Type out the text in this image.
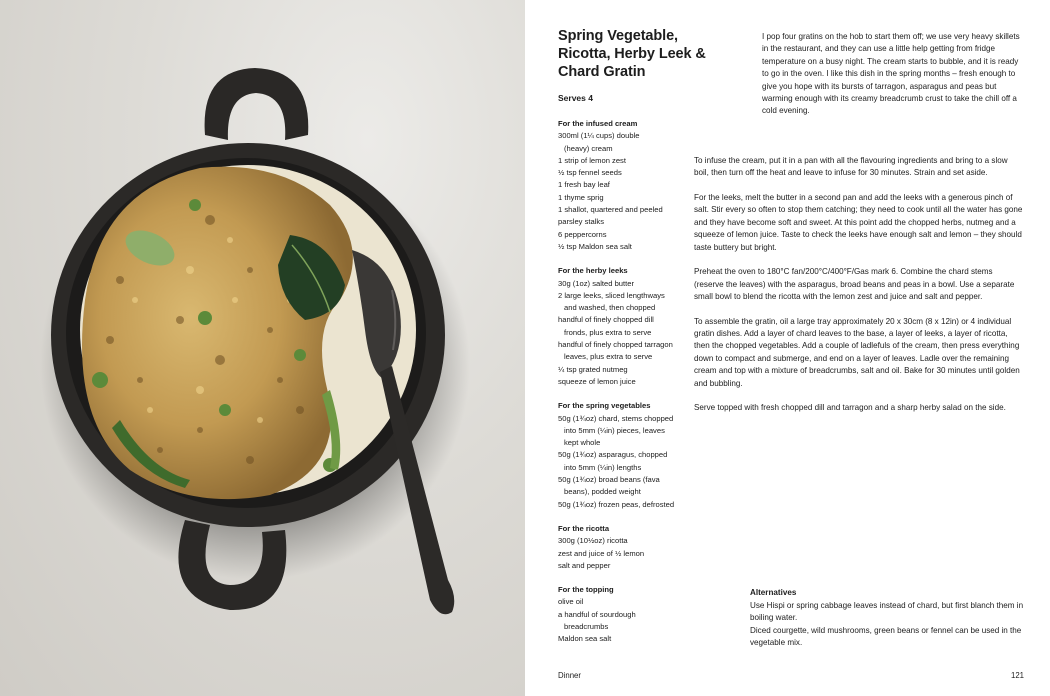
Spring Vegetable, Ricotta, Herby Leek & Chard Gratin
Serves 4
For the infused cream
300ml (1¼ cups) double
(heavy) cream
1 strip of lemon zest
½ tsp fennel seeds
1 fresh bay leaf
1 thyme sprig
1 shallot, quartered and peeled
parsley stalks
6 peppercorns
½ tsp Maldon sea salt
For the herby leeks
30g (1oz) salted butter
2 large leeks, sliced lengthways
and washed, then chopped
handful of finely chopped dill
fronds, plus extra to serve
handful of finely chopped tarragon
leaves, plus extra to serve
¼ tsp grated nutmeg
squeeze of lemon juice
For the spring vegetables
50g (1¾oz) chard, stems chopped
into 5mm (¼in) pieces, leaves
kept whole
50g (1¾oz) asparagus, chopped
into 5mm (¼in) lengths
50g (1¾oz) broad beans (fava
beans), podded weight
50g (1¾oz) frozen peas, defrosted
For the ricotta
300g (10½oz) ricotta
zest and juice of ½ lemon
salt and pepper
For the topping
olive oil
a handful of sourdough
breadcrumbs
Maldon sea salt
I pop four gratins on the hob to start them off; we use very heavy skillets in the restaurant, and they can use a little help getting from fridge temperature on a busy night. The cream starts to bubble, and it is ready to go in the oven. I like this dish in the spring months – fresh enough to give you hope with its bursts of tarragon, asparagus and peas but warming enough with its creamy breadcrumb crust to take the chill off a cold evening.

To infuse the cream, put it in a pan with all the flavouring ingredients and bring to a slow boil, then turn off the heat and leave to infuse for 30 minutes. Strain and set aside.

For the leeks, melt the butter in a second pan and add the leeks with a generous pinch of salt. Stir every so often to stop them catching; they need to cook until all the water has gone and they have become soft and sweet. At this point add the chopped herbs, nutmeg and a squeeze of lemon juice. Taste to check the leeks have enough salt and lemon – they should taste buttery but bright.

Preheat the oven to 180°C fan/200°C/400°F/Gas mark 6. Combine the chard stems (reserve the leaves) with the asparagus, broad beans and peas in a bowl. Use a separate small bowl to blend the ricotta with the lemon zest and juice and salt and pepper.

To assemble the gratin, oil a large tray approximately 20 x 30cm (8 x 12in) or 4 individual gratin dishes. Add a layer of chard leaves to the base, a layer of leeks, a layer of ricotta, then the chopped vegetables. Add a couple of ladlefuls of the cream, then press everything down to compact and submerge, and end on a layer of leaves. Ladle over the remaining cream and top with a mixture of breadcrumbs, salt and oil. Bake for 30 minutes until golden and bubbling.

Serve topped with fresh chopped dill and tarragon and a sharp herby salad on the side.

Alternatives
Use Hispi or spring cabbage leaves instead of chard, but first blanch them in boiling water.
Diced courgette, wild mushrooms, green beans or fennel can be used in the vegetable mix.
Dinner	121
